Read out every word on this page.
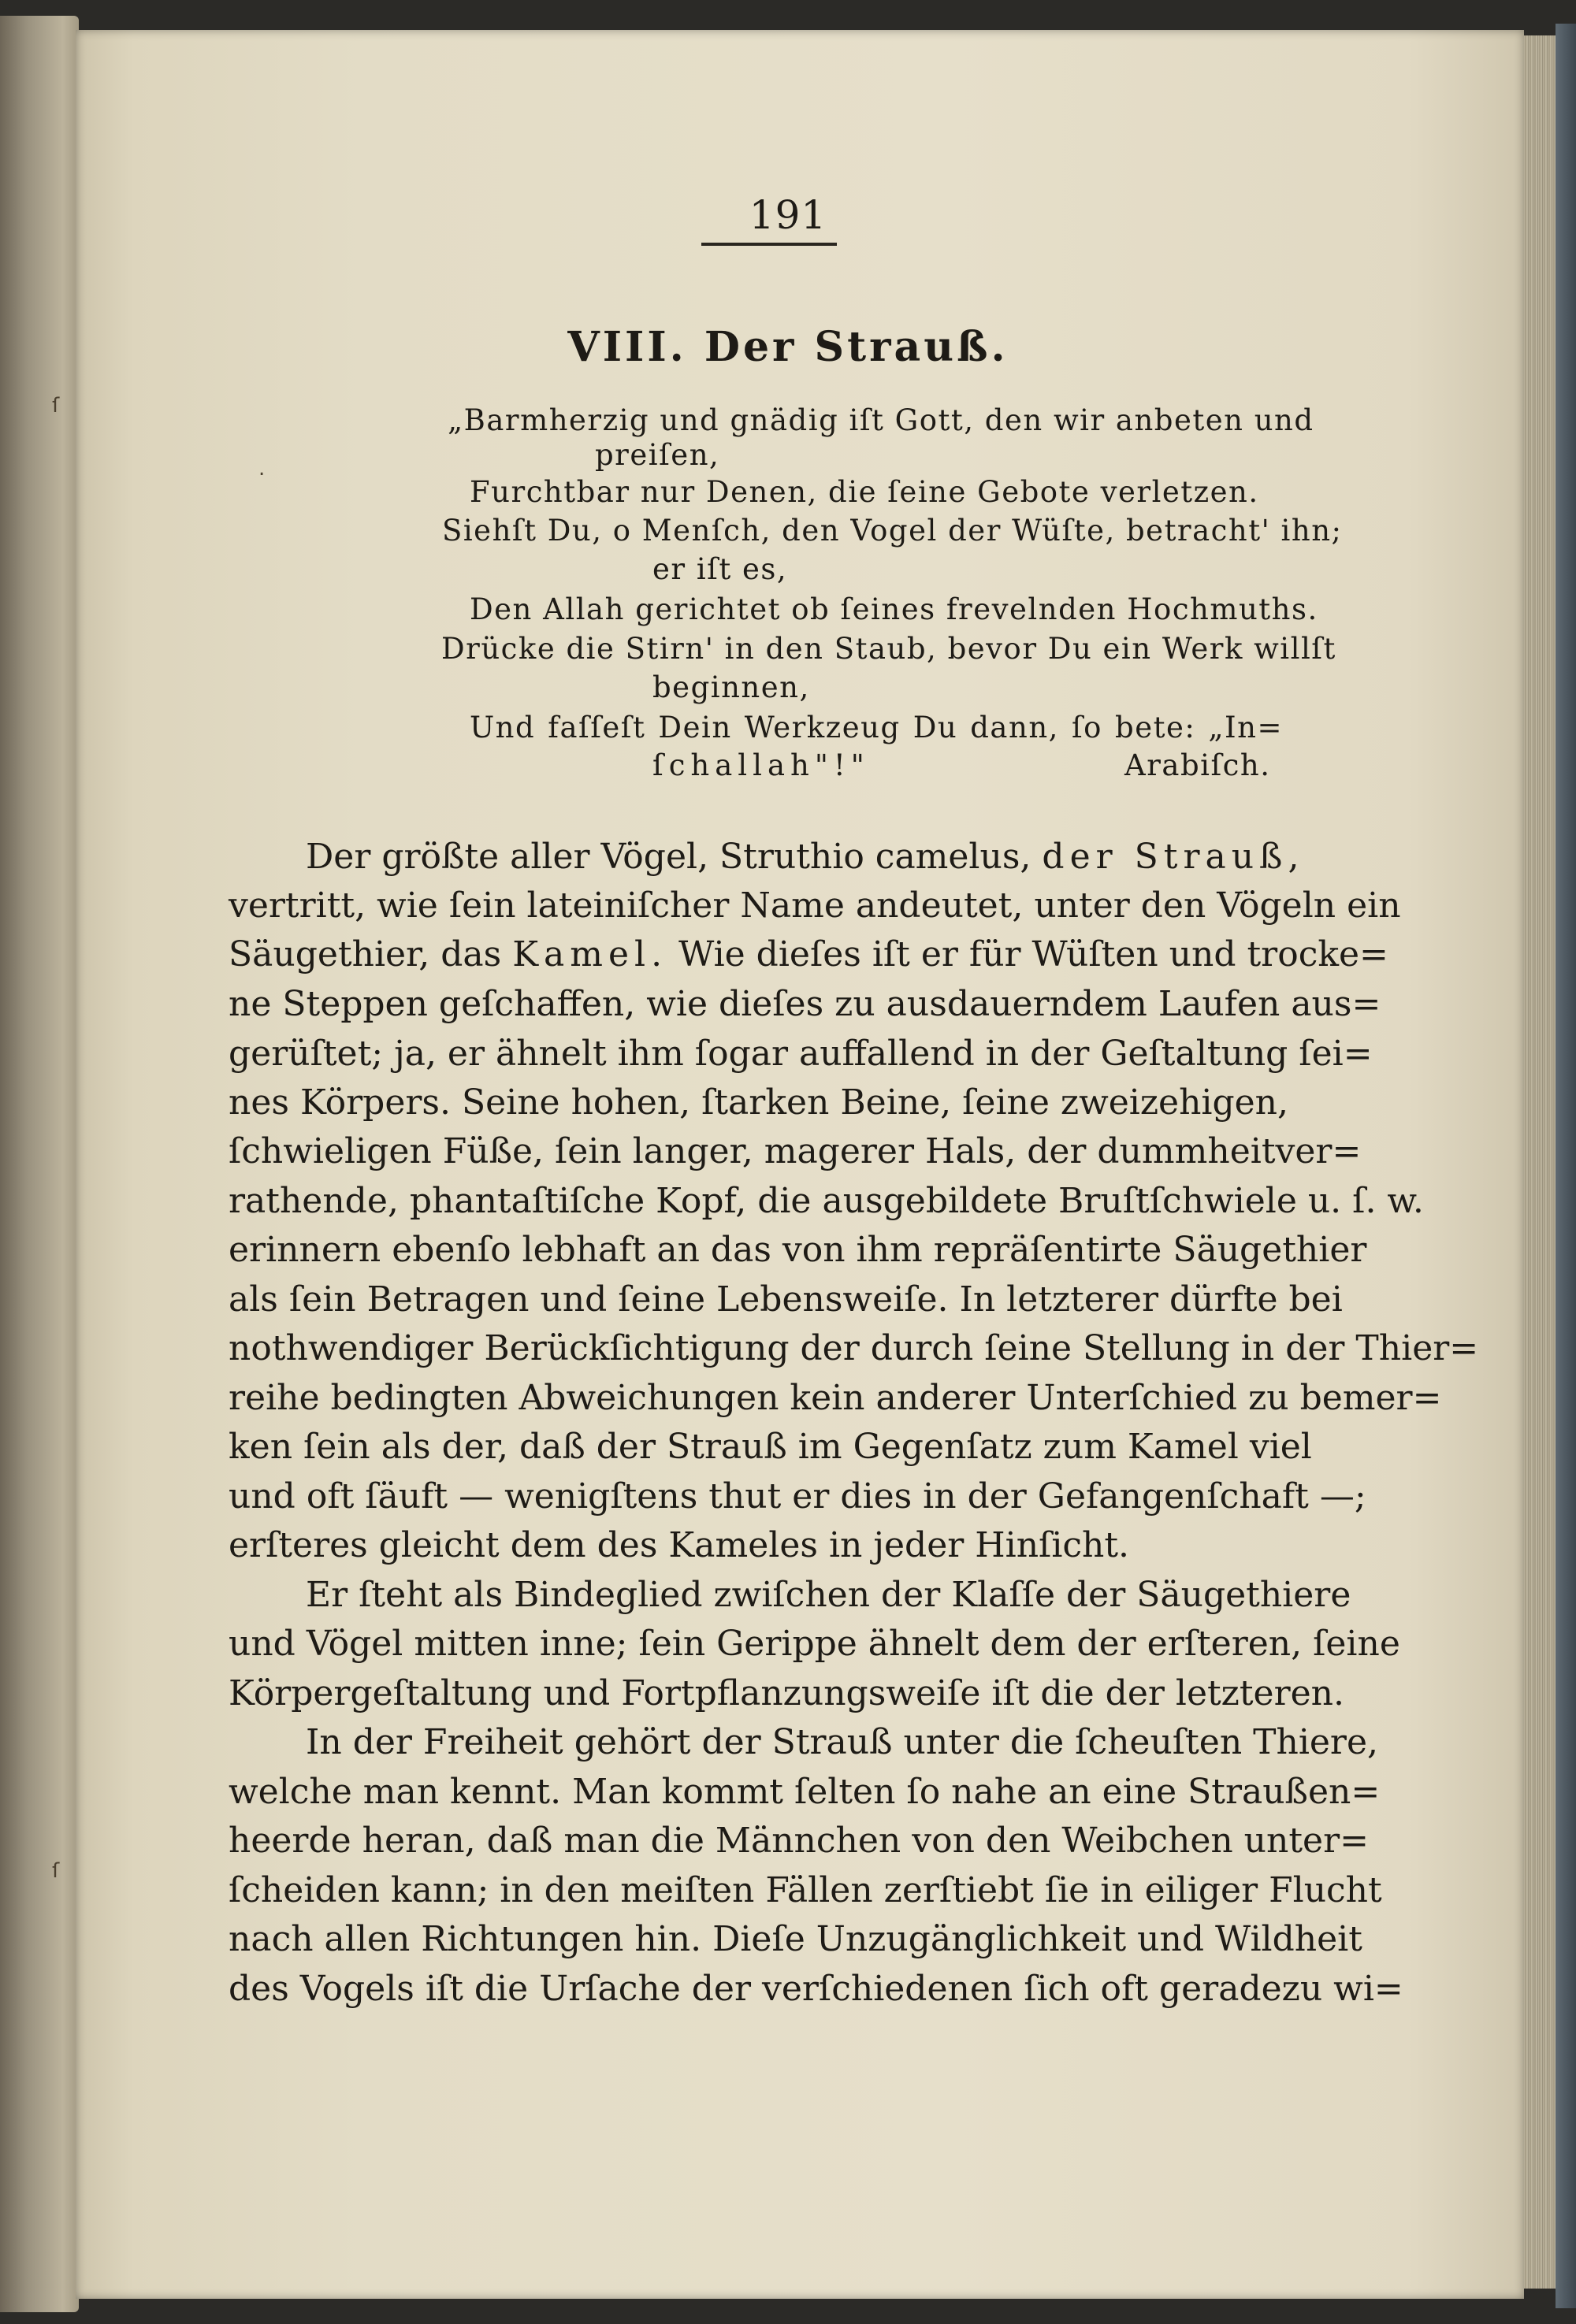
191
VIII. Der Strauß.
ſ
.
ſ
„Barmherzig und gnädig iſt Gott, den wir anbeten und
preiſen,
Furchtbar nur Denen, die ſeine Gebote verletzen.
Siehſt Du, o Menſch, den Vogel der Wüſte, betracht' ihn;
er iſt es,
Den Allah gerichtet ob ſeines frevelnden Hochmuths.
Drücke die Stirn' in den Staub, bevor Du ein Werk willſt
beginnen,
Und faſſeſt Dein Werkzeug Du dann, ſo bete: „In=
ſchallah"!"	Arabiſch.
Der größte aller Vögel, Struthio camelus, der Strauß,
vertritt, wie ſein lateiniſcher Name andeutet, unter den Vögeln ein
Säugethier, das Kamel. Wie dieſes iſt er für Wüſten und trocke=
ne Steppen geſchaffen, wie dieſes zu ausdauerndem Laufen aus=
gerüſtet; ja, er ähnelt ihm ſogar auffallend in der Geſtaltung ſei=
nes Körpers. Seine hohen, ſtarken Beine, ſeine zweizehigen,
ſchwieligen Füße, ſein langer, magerer Hals, der dummheitver=
rathende, phantaſtiſche Kopf, die ausgebildete Bruſtſchwiele u. ſ. w.
erinnern ebenſo lebhaft an das von ihm repräſentirte Säugethier
als ſein Betragen und ſeine Lebensweiſe. In letzterer dürfte bei
nothwendiger Berückſichtigung der durch ſeine Stellung in der Thier=
reihe bedingten Abweichungen kein anderer Unterſchied zu bemer=
ken ſein als der, daß der Strauß im Gegenſatz zum Kamel viel
und oft ſäuft — wenigſtens thut er dies in der Gefangenſchaft —;
erſteres gleicht dem des Kameles in jeder Hinſicht.
Er ſteht als Bindeglied zwiſchen der Klaſſe der Säugethiere
und Vögel mitten inne; ſein Gerippe ähnelt dem der erſteren, ſeine
Körpergeſtaltung und Fortpflanzungsweiſe iſt die der letzteren.
In der Freiheit gehört der Strauß unter die ſcheuſten Thiere,
welche man kennt. Man kommt ſelten ſo nahe an eine Straußen=
heerde heran, daß man die Männchen von den Weibchen unter=
ſcheiden kann; in den meiſten Fällen zerſtiebt ſie in eiliger Flucht
nach allen Richtungen hin. Dieſe Unzugänglichkeit und Wildheit
des Vogels iſt die Urſache der verſchiedenen ſich oft geradezu wi=
